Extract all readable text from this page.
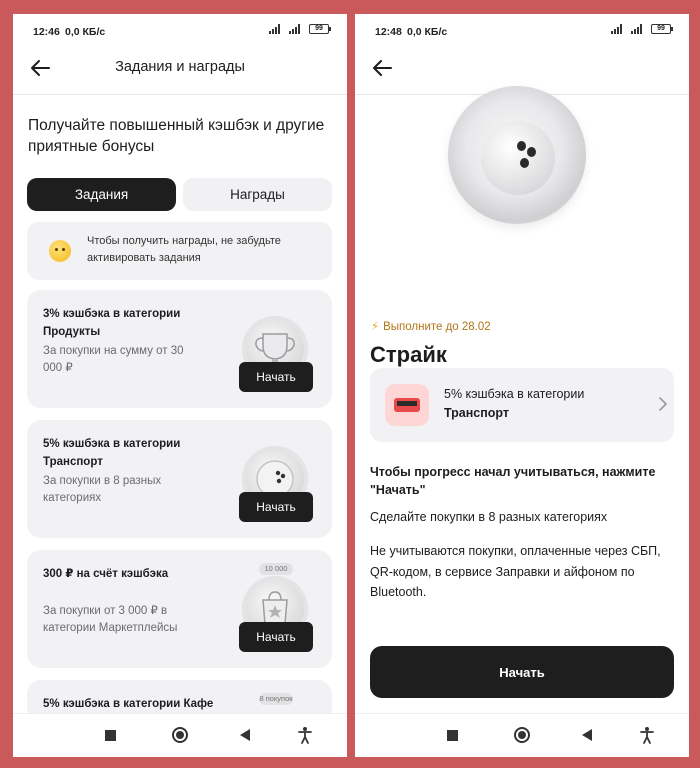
12:46 0,0 КБ/с	99
Задания и награды
Получайте повышенный кэшбэк и другие приятные бонусы
Задания	Награды
Чтобы получить награды, не забудьте активировать задания
3% кэшбэка в категории Продукты
За покупки на сумму от 30 000 ₽
Начать
5% кэшбэка в категории Транспорт
За покупки в 8 разных категориях
Начать
300 ₽ на счёт кэшбэка
За покупки от 3 000 ₽ в категории Маркетплейсы
10 000
Начать
5% кэшбэка в категории Кафе	8 покупок
12:48 0,0 КБ/с	99
⚡ Выполните до 28.02
Страйк
5% кэшбэка в категории
Транспорт
Чтобы прогресс начал учитываться, нажмите "Начать"
Сделайте покупки в 8 разных категориях
Не учитываются покупки, оплаченные через СБП, QR-кодом, в сервисе Заправки и айфоном по Bluetooth.
Начать
